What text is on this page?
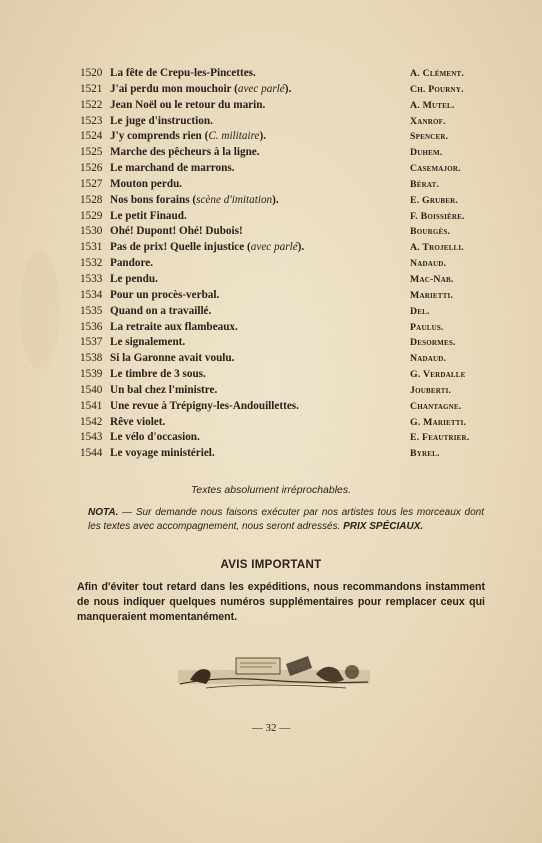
1520 La fête de Crepu-les-Pincettes.	A. Clément.
1521 J'ai perdu mon mouchoir (avec parlé).	Ch. Pourny.
1522 Jean Noël ou le retour du marin.	A. Mutel.
1523 Le juge d'instruction.	Xanrof.
1524 J'y comprends rien (C. militaire).	Spencer.
1525 Marche des pêcheurs à la ligne.	Duhem.
1526 Le marchand de marrons.	Casemajor.
1527 Mouton perdu.	Bérat.
1528 Nos bons forains (scène d'imitation).	E. Gruber.
1529 Le petit Finaud.	F. Boissière.
1530 Ohé! Dupont! Ohé! Dubois!	Bourgès.
1531 Pas de prix! Quelle injustice (avec parlé).	A. Trojelli.
1532 Pandore.	Nadaud.
1533 Le pendu.	Mac-Nab.
1534 Pour un procès-verbal.	Marietti.
1535 Quand on a travaillé.	Del.
1536 La retraite aux flambeaux.	Paulus.
1537 Le signalement.	Desormes.
1538 Si la Garonne avait voulu.	Nadaud.
1539 Le timbre de 3 sous.	G. Verdalle
1540 Un bal chez l'ministre.	Jouberti.
1541 Une revue à Trépigny-les-Andouillettes.	Chantagne.
1542 Rêve violet.	G. Marietti.
1543 Le vélo d'occasion.	E. Feautrier.
1544 Le voyage ministériel.	Byrel.
Textes absolument irréprochables.
NOTA. — Sur demande nous faisons exécuter par nos artistes tous les morceaux dont les textes avec accompagnement, nous seront adressés. PRIX SPÉCIAUX.
AVIS IMPORTANT
Afin d'éviter tout retard dans les expéditions, nous recommandons instamment de nous indiquer quelques numéros supplémentaires pour remplacer ceux qui manqueraient momentanément.
— 32 —
